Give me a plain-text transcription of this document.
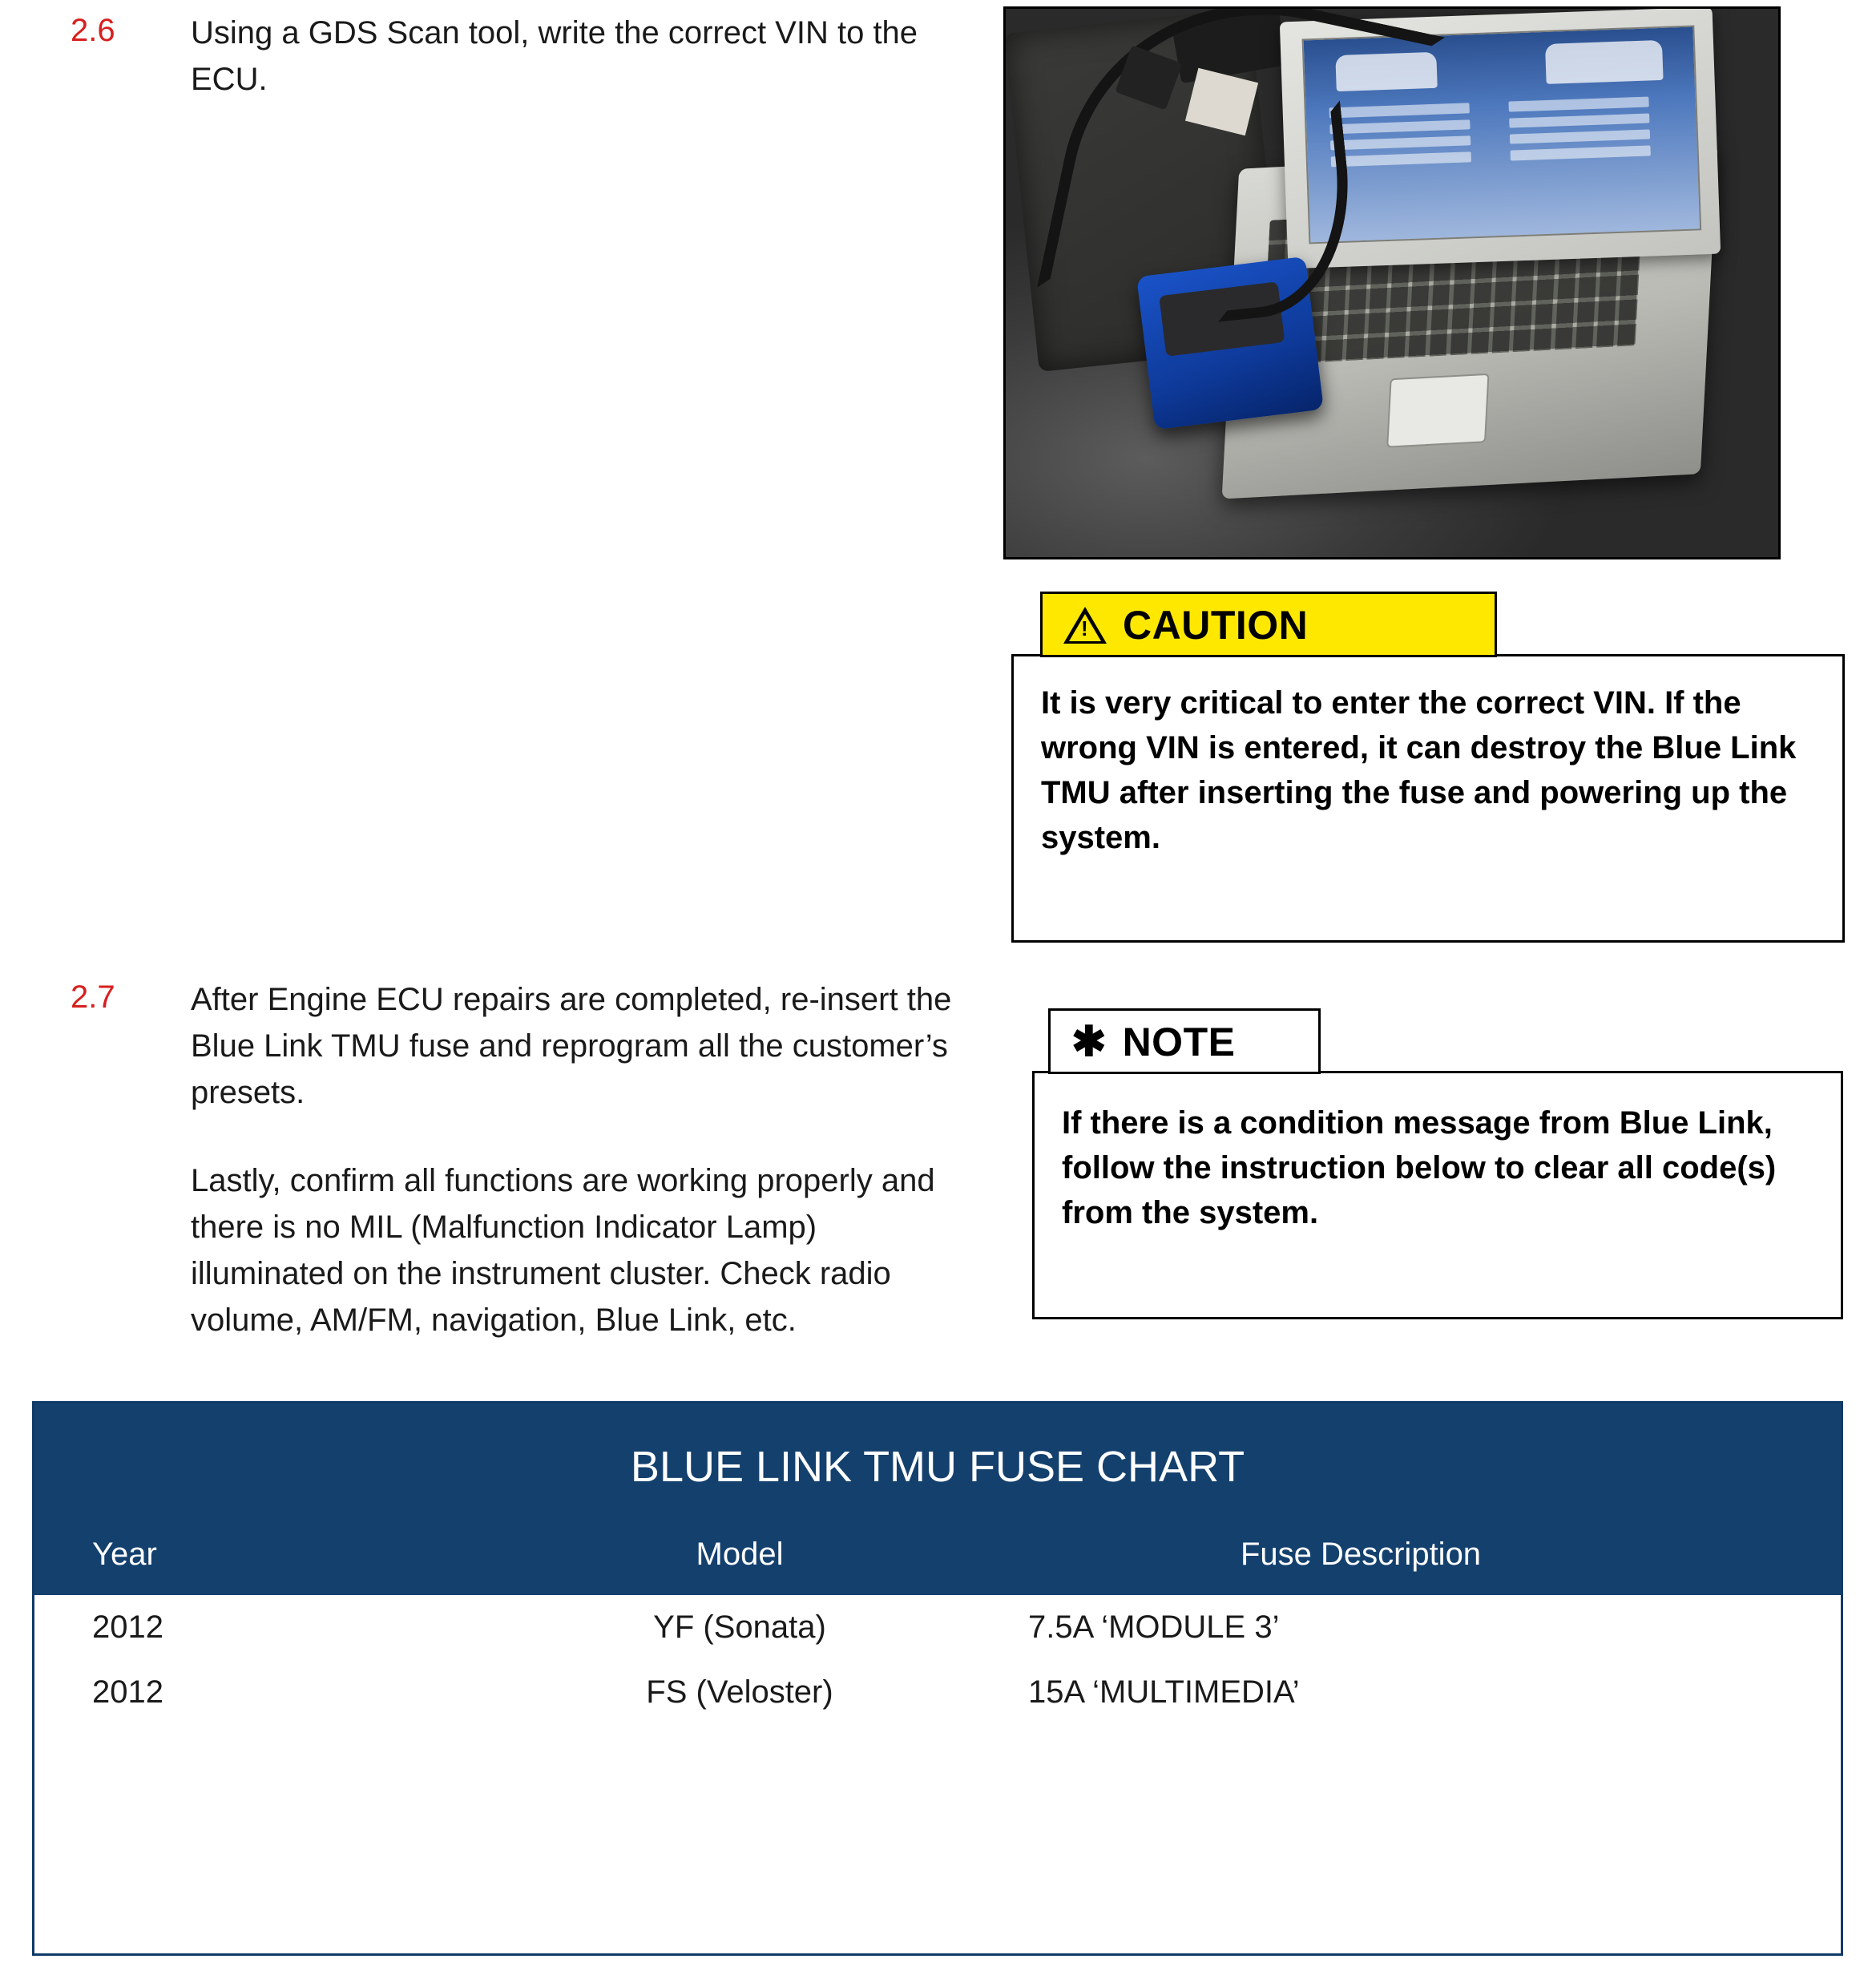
2.6	Using a GDS Scan tool, write the correct VIN to the ECU.

!
CAUTION
It is very critical to enter the correct VIN. If the wrong VIN is entered, it can destroy the Blue Link TMU after inserting the fuse and powering up the system.
2.7	After Engine ECU repairs are completed, re-insert the Blue Link TMU fuse and reprogram all the customer’s presets.

Lastly, confirm all functions are working properly and there is no MIL (Malfunction Indicator Lamp) illuminated on the instrument cluster. Check radio volume, AM/FM, navigation, Blue Link, etc.

✱ NOTE
If there is a condition message from Blue Link, follow the instruction below to clear all code(s) from the system.
BLUE LINK TMU FUSE CHART
Year	Model	Fuse Description
2012	YF (Sonata)	7.5A ‘MODULE 3’
2012	FS (Veloster)	15A ‘MULTIMEDIA’
